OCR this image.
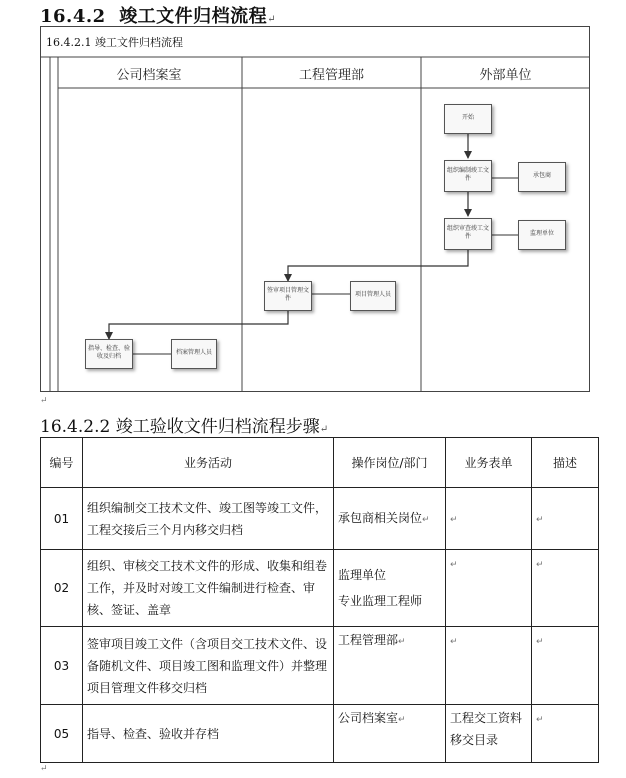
16.4.2 竣工文件归档流程↵
16.4.2.1 竣工文件归档流程
公司档案室	工程管理部	外部单位
开始
组织编制竣工文件	承包商
组织审查竣工文件	监理单位
签审项目管理文件
项目管理人员
指导、检查、验收及归档
档案管理人员
↵
16.4.2.2 竣工验收文件归档流程步骤↵
编号	业务活动	操作岗位/部门	业务表单	描述
01	组织编制交工技术文件、竣工图等竣工文件，工程交接后三个月内移交归档	承包商相关岗位↵	↵	↵
02	组织、审核交工技术文件的形成、收集和组卷工作，并及时对竣工文件编制进行检查、审核、签证、盖章	监理单位
专业监理工程师	↵	↵
03	签审项目竣工文件（含项目交工技术文件、设备随机文件、项目竣工图和监理文件）并整理项目管理文件移交归档	工程管理部↵	↵	↵
05	指导、检查、验收并存档	公司档案室↵	工程交工资料移交目录	↵
↵
